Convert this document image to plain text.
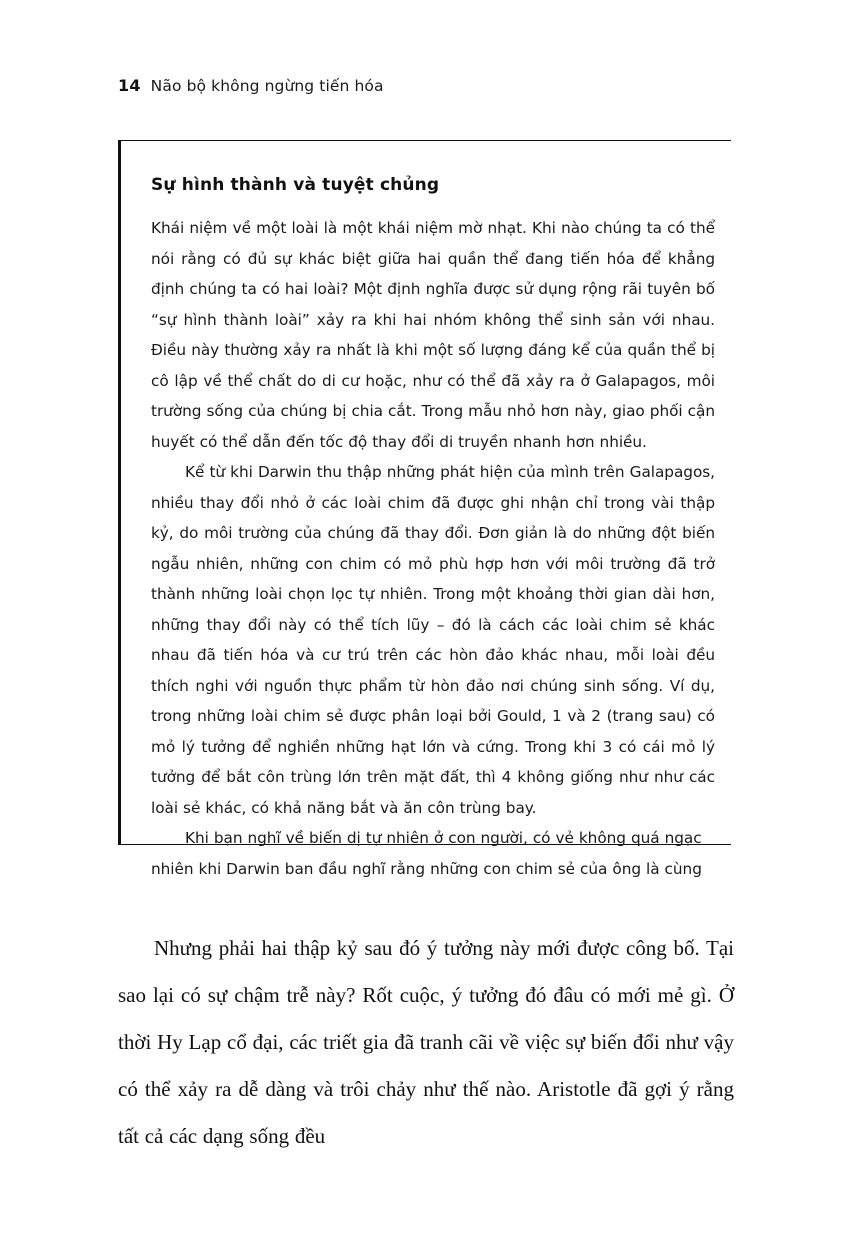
14 Não bộ không ngừng tiến hóa
Sự hình thành và tuyệt chủng

Khái niệm về một loài là một khái niệm mờ nhạt. Khi nào chúng ta có thể nói rằng có đủ sự khác biệt giữa hai quần thể đang tiến hóa để khẳng định chúng ta có hai loài? Một định nghĩa được sử dụng rộng rãi tuyên bố “sự hình thành loài” xảy ra khi hai nhóm không thể sinh sản với nhau. Điều này thường xảy ra nhất là khi một số lượng đáng kể của quần thể bị cô lập về thể chất do di cư hoặc, như có thể đã xảy ra ở Galapagos, môi trường sống của chúng bị chia cắt. Trong mẫu nhỏ hơn này, giao phối cận huyết có thể dẫn đến tốc độ thay đổi di truyền nhanh hơn nhiều.

Kể từ khi Darwin thu thập những phát hiện của mình trên Galapagos, nhiều thay đổi nhỏ ở các loài chim đã được ghi nhận chỉ trong vài thập kỷ, do môi trường của chúng đã thay đổi. Đơn giản là do những đột biến ngẫu nhiên, những con chim có mỏ phù hợp hơn với môi trường đã trở thành những loài chọn lọc tự nhiên. Trong một khoảng thời gian dài hơn, những thay đổi này có thể tích lũy – đó là cách các loài chim sẻ khác nhau đã tiến hóa và cư trú trên các hòn đảo khác nhau, mỗi loài đều thích nghi với nguồn thực phẩm từ hòn đảo nơi chúng sinh sống. Ví dụ, trong những loài chim sẻ được phân loại bởi Gould, 1 và 2 (trang sau) có mỏ lý tưởng để nghiền những hạt lớn và cứng. Trong khi 3 có cái mỏ lý tưởng để bắt côn trùng lớn trên mặt đất, thì 4 không giống như như các loài sẻ khác, có khả năng bắt và ăn côn trùng bay.

Khi bạn nghĩ về biến dị tự nhiên ở con người, có vẻ không quá ngạc nhiên khi Darwin ban đầu nghĩ rằng những con chim sẻ của ông là cùng

Nhưng phải hai thập kỷ sau đó ý tưởng này mới được công bố. Tại sao lại có sự chậm trễ này? Rốt cuộc, ý tưởng đó đâu có mới mẻ gì. Ở thời Hy Lạp cổ đại, các triết gia đã tranh cãi về việc sự biến đổi như vậy có thể xảy ra dễ dàng và trôi chảy như thế nào. Aristotle đã gợi ý rằng tất cả các dạng sống đều
